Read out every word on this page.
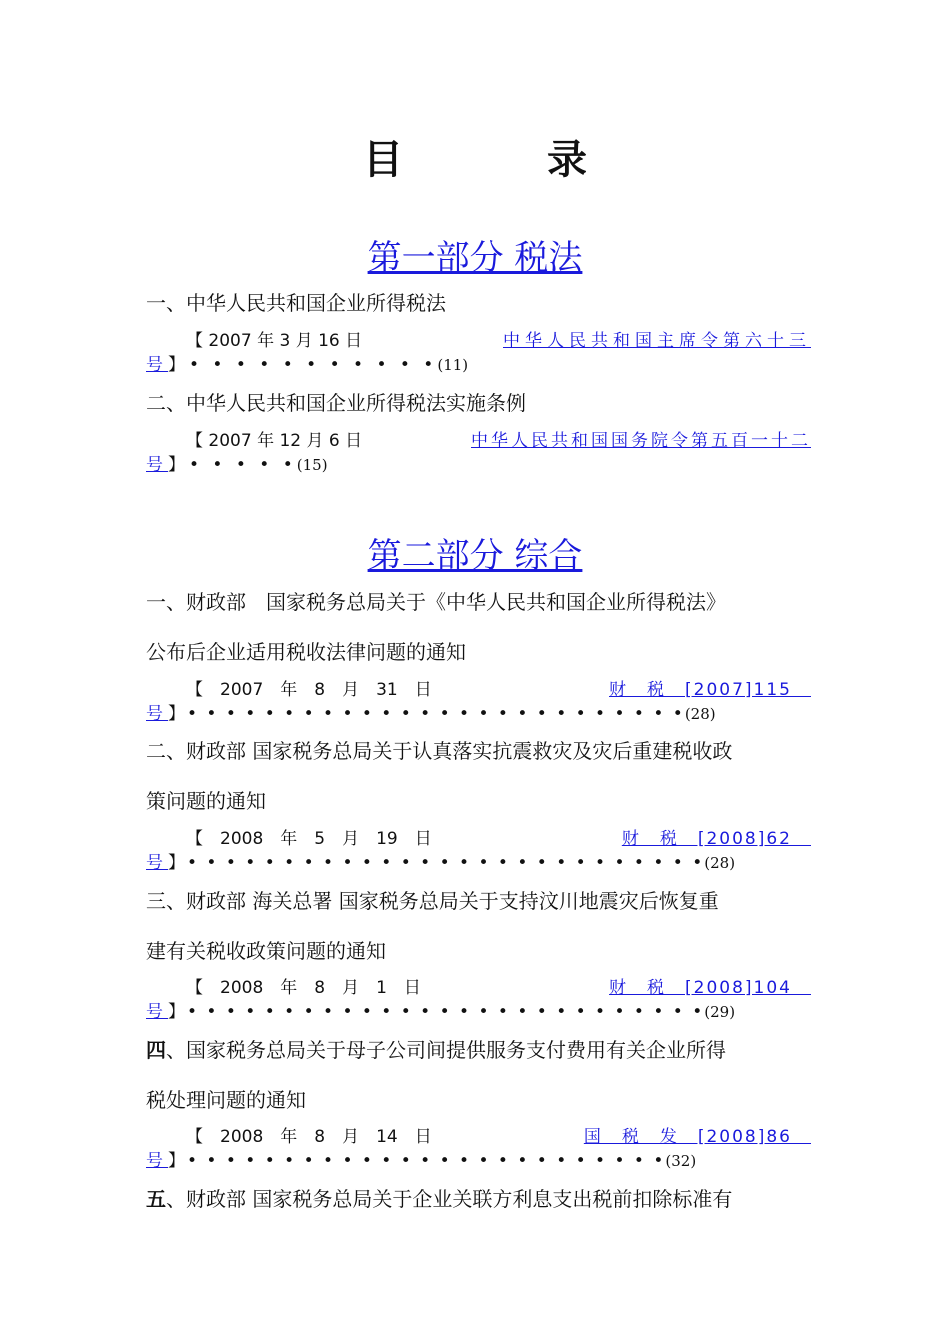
目　录
第一部分 税法
一、中华人民共和国企业所得税法
【 2007 年 3 月 16 日	中华人民共和国主席令第六十三
号】• • • • • • • • • • •(11)
二、中华人民共和国企业所得税法实施条例
【 2007 年 12 月 6 日	中华人民共和国国务院令第五百一十二
号】• • • • •(15)
第二部分 综合
一、财政部　国家税务总局关于《中华人民共和国企业所得税法》
公布后企业适用税收法律问题的通知
【　2007　年　8　月　31　日	财　税　[2007]115　
号】• • • • • • • • • • • • • • • • • • • • • • • • • •(28)
二、财政部 国家税务总局关于认真落实抗震救灾及灾后重建税收政
策问题的通知
【　2008　年　5　月　19　日	财　税　[2008]62　
号】• • • • • • • • • • • • • • • • • • • • • • • • • • •(28)
三、财政部 海关总署 国家税务总局关于支持汶川地震灾后恢复重
建有关税收政策问题的通知
【　2008　年　8　月　1　日	财　税　[2008]104　
号】• • • • • • • • • • • • • • • • • • • • • • • • • • •(29)
四、国家税务总局关于母子公司间提供服务支付费用有关企业所得
税处理问题的通知
【　2008　年　8　月　14　日	国　税　发　[2008]86　
号】• • • • • • • • • • • • • • • • • • • • • • • • •(32)
五、财政部 国家税务总局关于企业关联方利息支出税前扣除标准有
